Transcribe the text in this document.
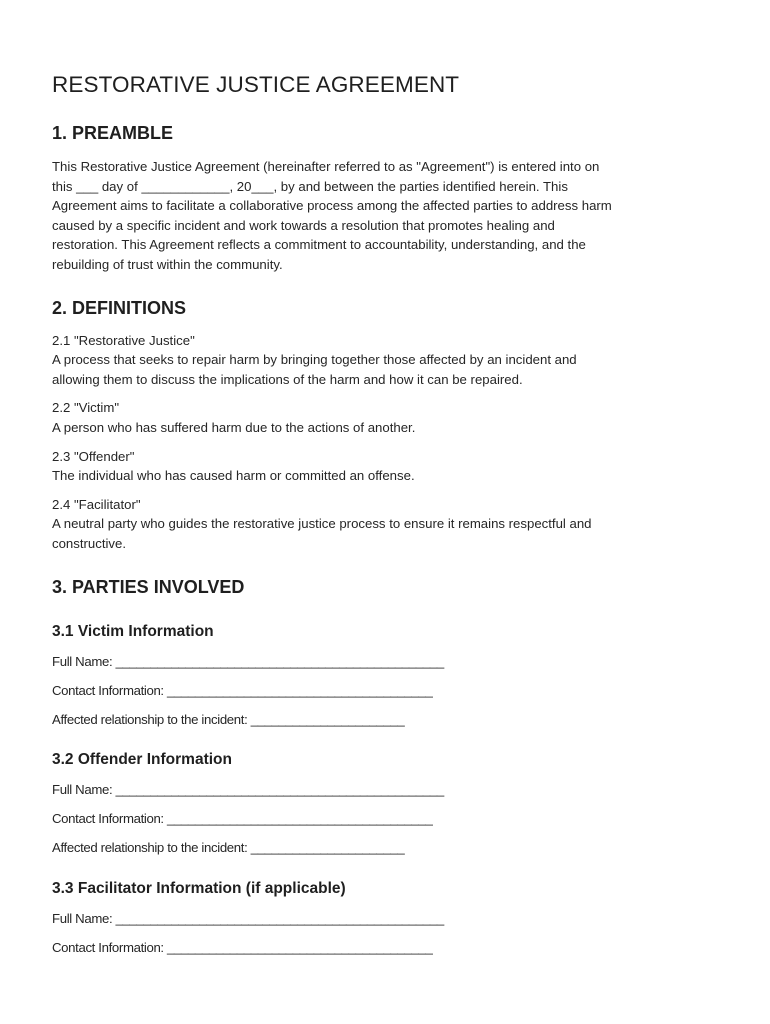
RESTORATIVE JUSTICE AGREEMENT
1. PREAMBLE
This Restorative Justice Agreement (hereinafter referred to as "Agreement") is entered into on
this ___ day of ____________, 20___, by and between the parties identified herein. This
Agreement aims to facilitate a collaborative process among the affected parties to address harm
caused by a specific incident and work towards a resolution that promotes healing and
restoration. This Agreement reflects a commitment to accountability, understanding, and the
rebuilding of trust within the community.
2. DEFINITIONS
2.1 "Restorative Justice"
A process that seeks to repair harm by bringing together those affected by an incident and
allowing them to discuss the implications of the harm and how it can be repaired.
2.2 "Victim"
A person who has suffered harm due to the actions of another.
2.3 "Offender"
The individual who has caused harm or committed an offense.
2.4 "Facilitator"
A neutral party who guides the restorative justice process to ensure it remains respectful and
constructive.
3. PARTIES INVOLVED
3.1 Victim Information

Full Name: _______________________________________________

Contact Information: ______________________________________

Affected relationship to the incident: ______________________

3.2 Offender Information

Full Name: _______________________________________________

Contact Information: ______________________________________

Affected relationship to the incident: ______________________

3.3 Facilitator Information (if applicable)

Full Name: _______________________________________________

Contact Information: ______________________________________
